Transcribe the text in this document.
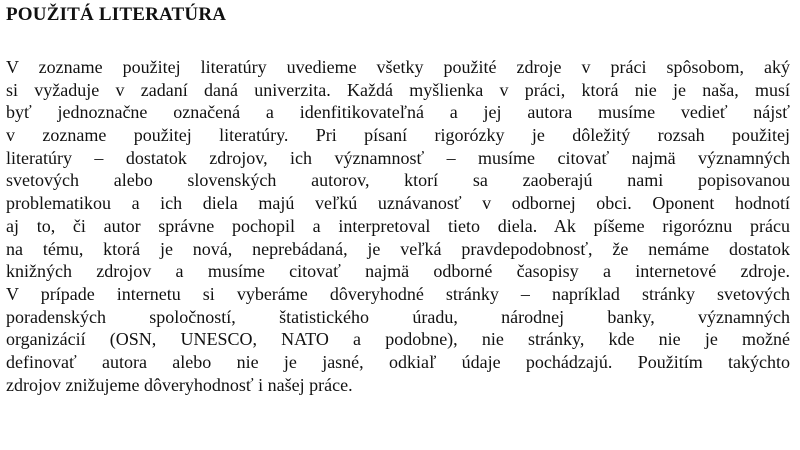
POUŽITÁ LITERATÚRA
V zozname použitej literatúry uvedieme všetky použité zdroje v práci spôsobom, aký
si vyžaduje v zadaní daná univerzita. Každá myšlienka v práci, ktorá nie je naša, musí
byť jednoznačne označená a idenfitikovateľná a jej autora musíme vedieť nájsť
v zozname použitej literatúry. Pri písaní rigorózky je dôležitý rozsah použitej
literatúry – dostatok zdrojov, ich významnosť – musíme citovať najmä významných
svetových alebo slovenských autorov, ktorí sa zaoberajú nami popisovanou
problematikou a ich diela majú veľkú uznávanosť v odbornej obci. Oponent hodnotí
aj to, či autor správne pochopil a interpretoval tieto diela. Ak píšeme rigoróznu prácu
na tému, ktorá je nová, neprebádaná, je veľká pravdepodobnosť, že nemáme dostatok
knižných zdrojov a musíme citovať najmä odborné časopisy a internetové zdroje.
V prípade internetu si vyberáme dôveryhodné stránky – napríklad stránky svetových
poradenských spoločností, štatistického úradu, národnej banky, významných
organizácií (OSN, UNESCO, NATO a podobne), nie stránky, kde nie je možné
definovať autora alebo nie je jasné, odkiaľ údaje pochádzajú. Použitím takýchto
zdrojov znižujeme dôveryhodnosť i našej práce.
